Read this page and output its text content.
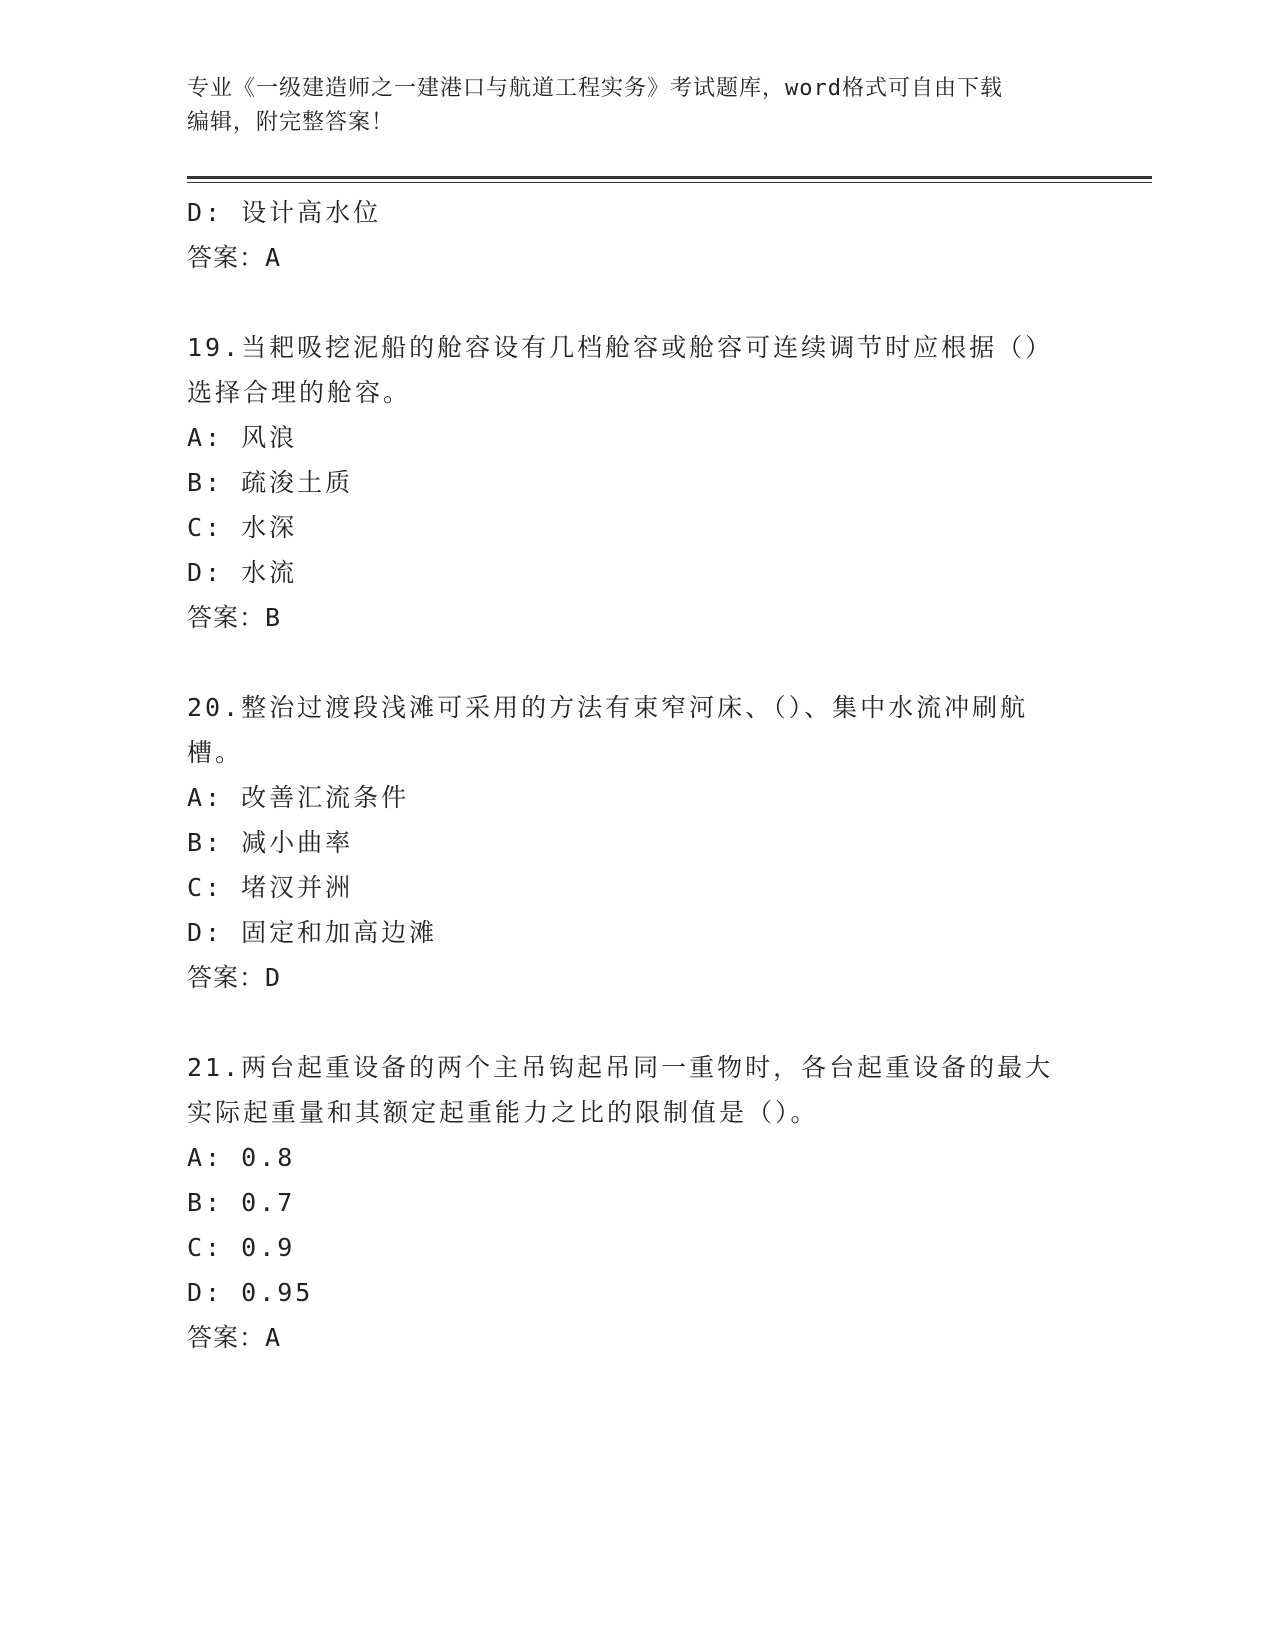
专业《一级建造师之一建港口与航道工程实务》考试题库，word格式可自由下载
编辑，附完整答案！
D: 设计高水位
答案：A
19.当耙吸挖泥船的舱容设有几档舱容或舱容可连续调节时应根据（）选择合理的舱容。
A: 风浪
B: 疏浚土质
C: 水深
D: 水流
答案：B
20.整治过渡段浅滩可采用的方法有束窄河床、（）、集中水流冲刷航槽。
A: 改善汇流条件
B: 减小曲率
C: 堵汊并洲
D: 固定和加高边滩
答案：D
21.两台起重设备的两个主吊钩起吊同一重物时，各台起重设备的最大实际起重量和其额定起重能力之比的限制值是（）。
A: 0.8
B: 0.7
C: 0.9
D: 0.95
答案：A
